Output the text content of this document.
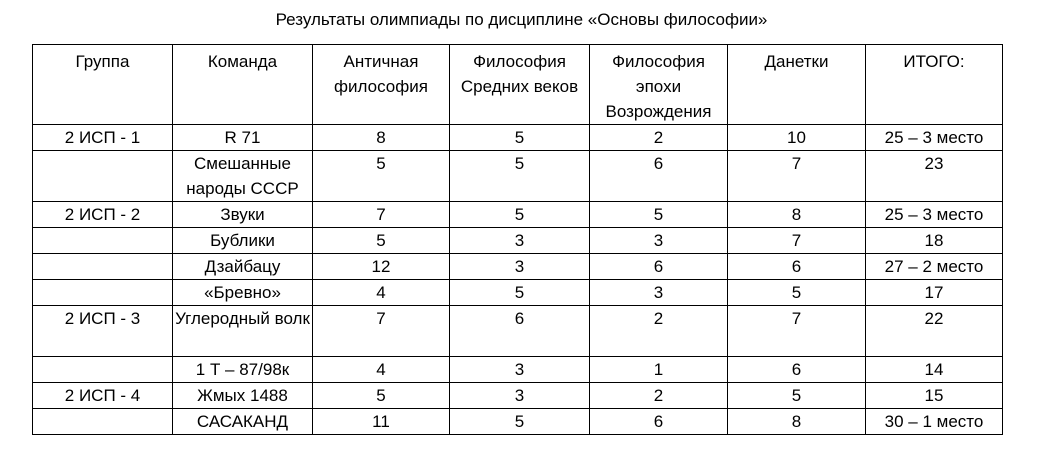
Результаты олимпиады по дисциплине «Основы философии»
Группа	Команда	Античная философия	Философия Средних веков	Философия эпохи Возрождения	Данетки	ИТОГО:
2 ИСП - 1	R 71	8	5	2	10	25 – 3 место
	Смешанные народы СССР	5	5	6	7	23
2 ИСП - 2	Звуки	7	5	5	8	25 – 3 место
	Бублики	5	3	3	7	18
	Дзайбацу	12	3	6	6	27 – 2 место
	«Бревно»	4	5	3	5	17
2 ИСП - 3	Углеродный волк	7	6	2	7	22
	1 Т – 87/98к	4	3	1	6	14
2 ИСП - 4	Жмых 1488	5	3	2	5	15
	САСАКАНД	11	5	6	8	30 – 1 место
